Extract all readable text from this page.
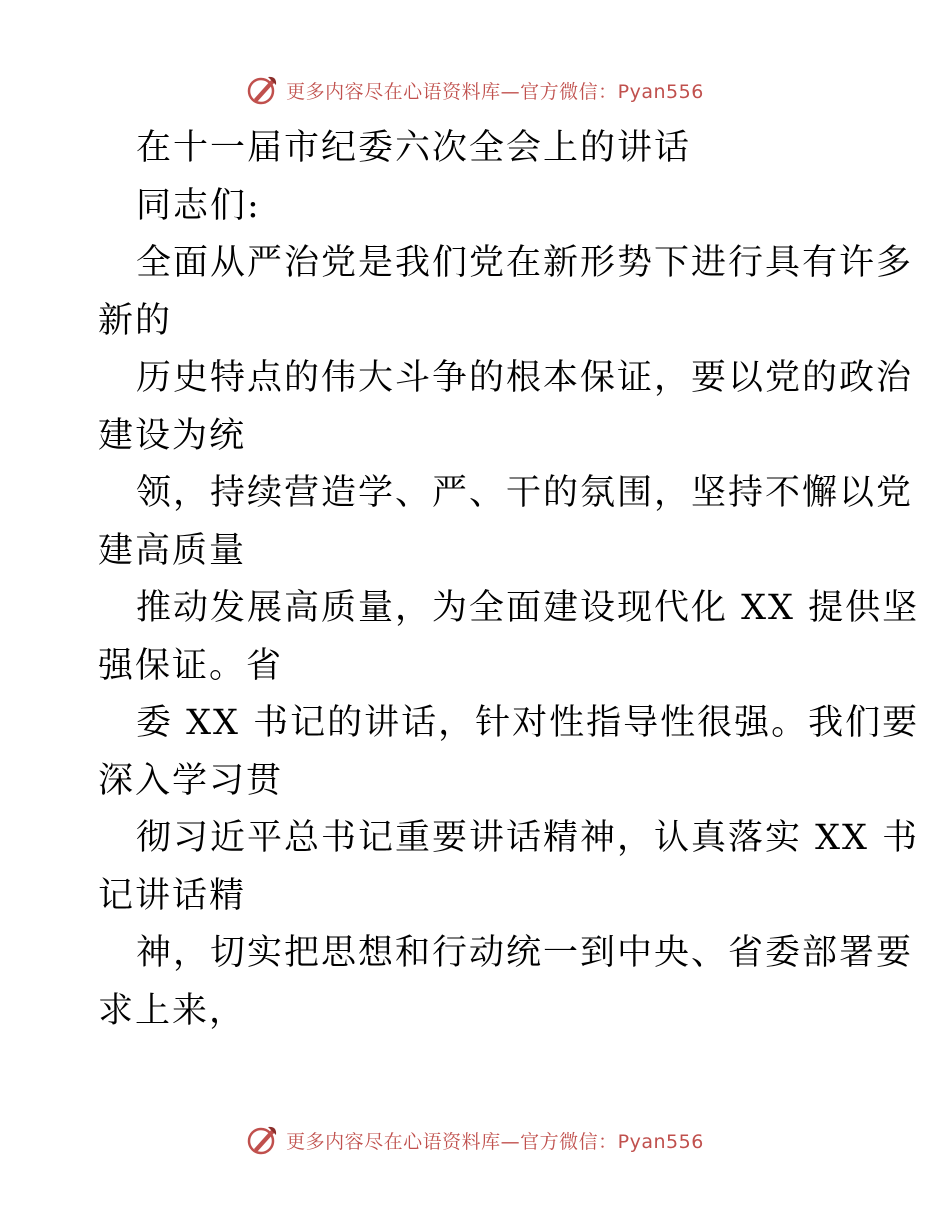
更多内容尽在心语资料库—官方微信：Pyan556
在十一届市纪委六次全会上的讲话
同志们:
全面从严治党是我们党在新形势下进行具有许多
新的
历史特点的伟大斗争的根本保证，要以党的政治
建设为统
领，持续营造学、严、干的氛围，坚持不懈以党
建高质量
推动发展高质量，为全面建设现代化 XX 提供坚
强保证。省
委 XX 书记的讲话，针对性指导性很强。我们要
深入学习贯
彻习近平总书记重要讲话精神，认真落实 XX 书
记讲话精
神，切实把思想和行动统一到中央、省委部署要
求上来，
更多内容尽在心语资料库—官方微信：Pyan556
